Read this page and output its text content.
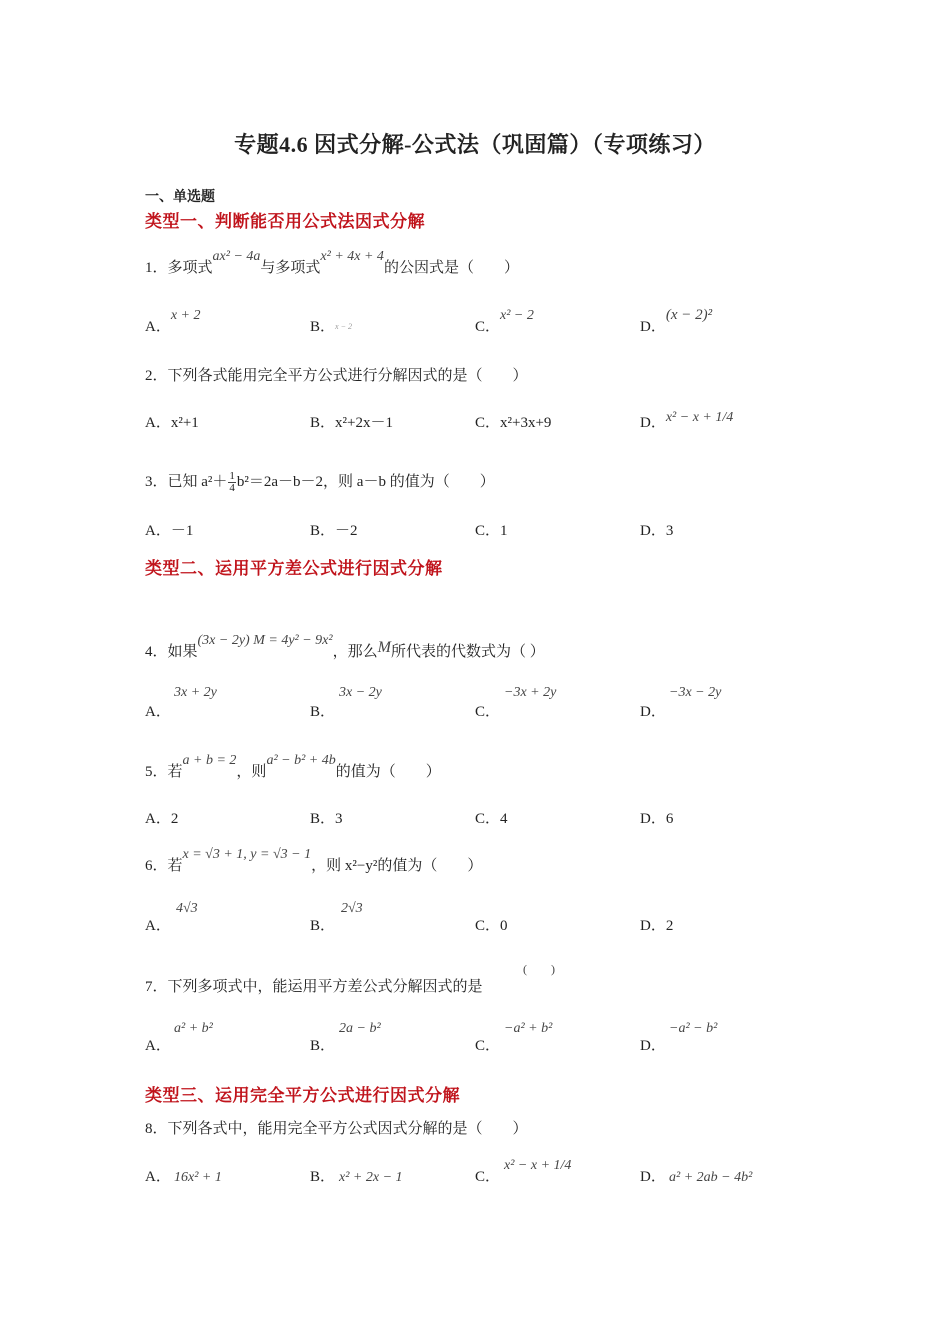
专题4.6 因式分解-公式法（巩固篇）（专项练习）
一、单选题
类型一、判断能否用公式法因式分解
1．多项式ax² − 4a与多项式x² + 4x + 4的公因式是（　　）
A．x + 2
B．x − 2	C．x² − 2
D．(x − 2)²
2．下列各式能用完全平方公式进行分解因式的是（　　）
A．x²+1	B．x²+2x－1	C．x²+3x+9	D．x² − x + 1/4
3．已知 $a^2+ \frac{1}{4} b^2=2a-b-2$，则 a－b 的值为（　　）
A．－1	B．－2	C．1	D．3
类型二、运用平方差公式进行因式分解
4．如果(3x − 2y) M = 4y² − 9x²，那么M所代表的代数式为（ ）
A．
3x + 2y
B．
3x − 2y
C．
−3x + 2y
D．
−3x − 2y
5．若a + b = 2，则a² − b² + 4b的值为（　　）
A．2	B．3	C．4	D．6
6．若x = √3 + 1, y = √3 − 1，则 x²−y²的值为（　　）
A．
4√3
B．
2√3
C．0	D．2
7．下列多项式中，能运用平方差公式分解因式的是
(　　)
A．
a² + b²
B．
2a − b²
C．
−a² + b²
D．
−a² − b²
类型三、运用完全平方公式进行因式分解
8．下列各式中，能用完全平方公式因式分解的是（　　）
A． 16x² + 1	B． x² + 2x − 1	C．
x² − x + 1/4
D． a² + 2ab − 4b²
